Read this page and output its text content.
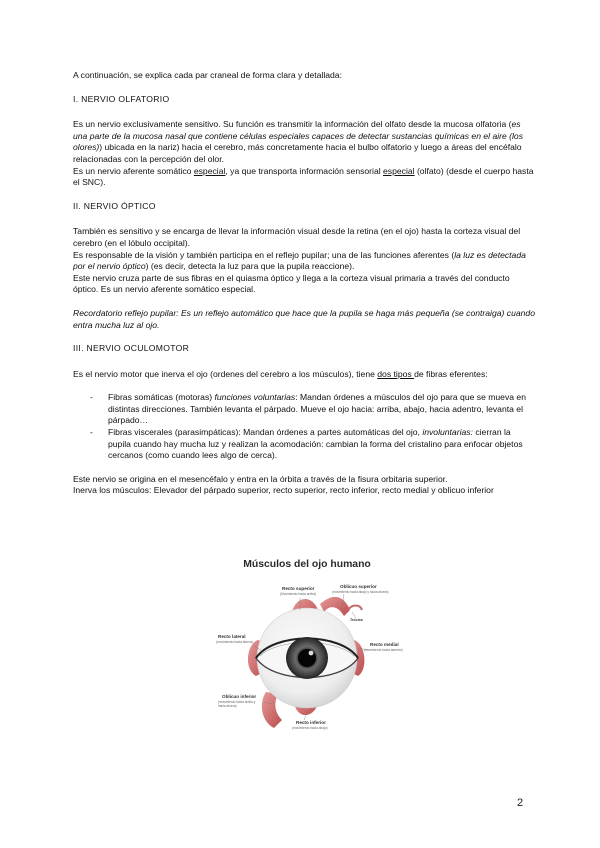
A continuación, se explica cada par craneal de forma clara y detallada:

I. NERVIO OLFATORIO

Es un nervio exclusivamente sensitivo. Su función es transmitir la información del olfato desde la mucosa olfatoria (es una parte de la mucosa nasal que contiene células especiales capaces de detectar sustancias químicas en el aire (los olores)) ubicada en la nariz) hacia el cerebro, más concretamente hacia el bulbo olfatorio y luego a áreas del encéfalo relacionadas con la percepción del olor.

Es un nervio aferente somático especial, ya que transporta información sensorial especial (olfato) (desde el cuerpo hasta el SNC).

II. NERVIO ÓPTICO

También es sensitivo y se encarga de llevar la información visual desde la retina (en el ojo) hasta la corteza visual del cerebro (en el lóbulo occipital).

Es responsable de la visión y también participa en el reflejo pupilar; una de las funciones aferentes (la luz es detectada por el nervio óptico) (es decir, detecta la luz para que la pupila reaccione).

Este nervio cruza parte de sus fibras en el quiasma óptico y llega a la corteza visual primaria a través del conducto óptico. Es un nervio aferente somático especial.

Recordatorio reflejo pupilar: Es un reflejo automático que hace que la pupila se haga más pequeña (se contraiga) cuando entra mucha luz al ojo.

III. NERVIO OCULOMOTOR

Es el nervio motor que inerva el ojo (ordenes del cerebro a los músculos), tiene dos tipos de fibras eferentes:

- Fibras somáticas (motoras) funciones voluntarias: Mandan órdenes a músculos del ojo para que se mueva en distintas direcciones. También levanta el párpado. Mueve el ojo hacia: arriba, abajo, hacia adentro, levanta el párpado…
- Fibras viscerales (parasimpáticas): Mandan órdenes a partes automáticas del ojo, involuntarias: cierran la pupila cuando hay mucha luz y realizan la acomodación: cambian la forma del cristalino para enfocar objetos cercanos (como cuando lees algo de cerca).

Este nervio se origina en el mesencéfalo y entra en la órbita a través de la fisura orbitaria superior.

Inerva los músculos: Elevador del párpado superior, recto superior, recto inferior, recto medial y oblicuo inferior

Músculos del ojo humano
Recto superior
(Movimiento hacia arriba)
Oblicuo superior
(movimiento hacia abajo y hacia afuera)
Tróclea
Recto lateral
(movimiento hacia afuera)	Recto medial
(movimiento hacia adentro)
Oblicuo inferior
(movimiento hacia arriba y
hacia afuera)
Recto inferior
(movimiento hacia abajo)
2
